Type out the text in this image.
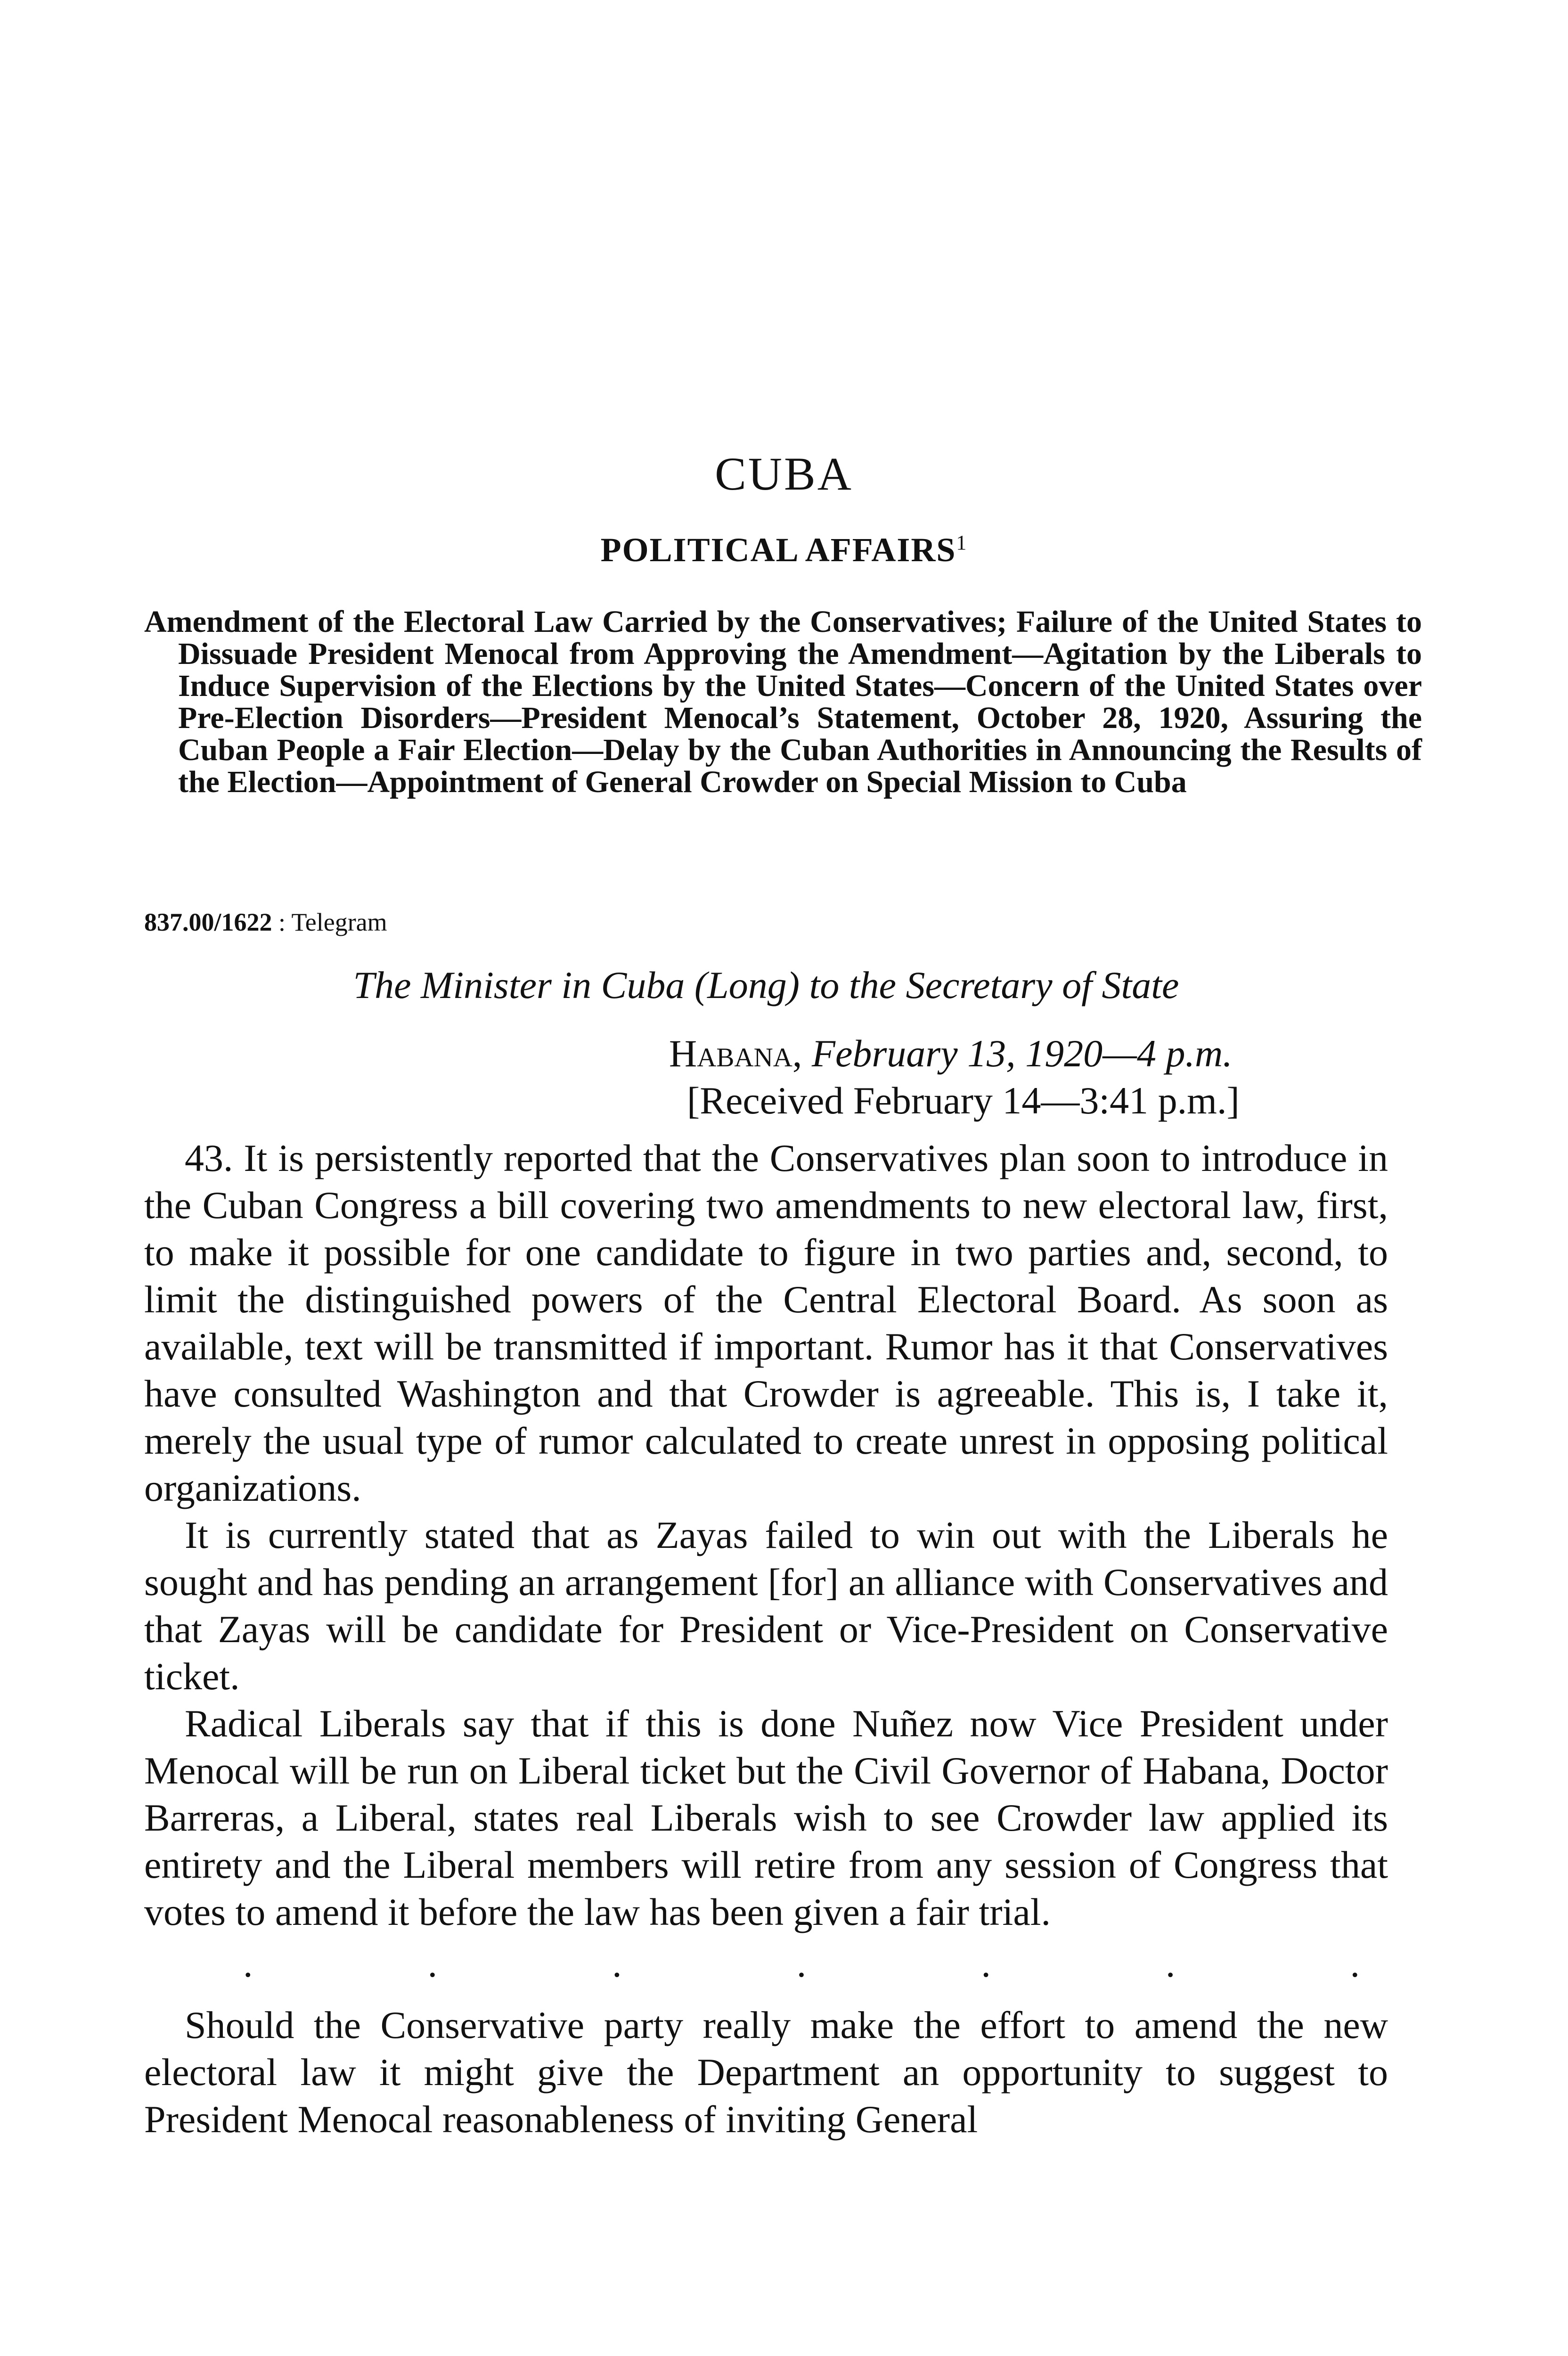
CUBA
POLITICAL AFFAIRS$^1$

Amendment of the Electoral Law Carried by the Conservatives; Failure of the United States to Dissuade President Menocal from Approving the Amendment—Agitation by the Liberals to Induce Supervision of the Elections by the United States—Concern of the United States over Pre-Election Disorders—President Menocal’s Statement, October 28, 1920, Assuring the Cuban People a Fair Election—Delay by the Cuban Authorities in Announcing the Results of the Election—Appointment of General Crowder on Special Mission to Cuba

837.00/1622 : Telegram
The Minister in Cuba (Long) to the Secretary of State
Habana, February 13, 1920—4 p.m.
[Received February 14—3:41 p.m.]

43. It is persistently reported that the Conservatives plan soon to introduce in the Cuban Congress a bill covering two amendments to new electoral law, first, to make it possible for one candidate to figure in two parties and, second, to limit the distinguished powers of the Central Electoral Board. As soon as available, text will be transmitted if important. Rumor has it that Conservatives have consulted Washington and that Crowder is agreeable. This is, I take it, merely the usual type of rumor calculated to create unrest in opposing political organizations.

It is currently stated that as Zayas failed to win out with the Liberals he sought and has pending an arrangement [for] an alliance with Conservatives and that Zayas will be candidate for President or Vice-President on Conservative ticket.

Radical Liberals say that if this is done Nuñez now Vice President under Menocal will be run on Liberal ticket but the Civil Governor of Habana, Doctor Barreras, a Liberal, states real Liberals wish to see Crowder law applied its entirety and the Liberal members will retire from any session of Congress that votes to amend it before the law has been given a fair trial.

.	.	.	.	.	.	.

Should the Conservative party really make the effort to amend the new electoral law it might give the Department an opportunity to suggest to President Menocal reasonableness of inviting General
